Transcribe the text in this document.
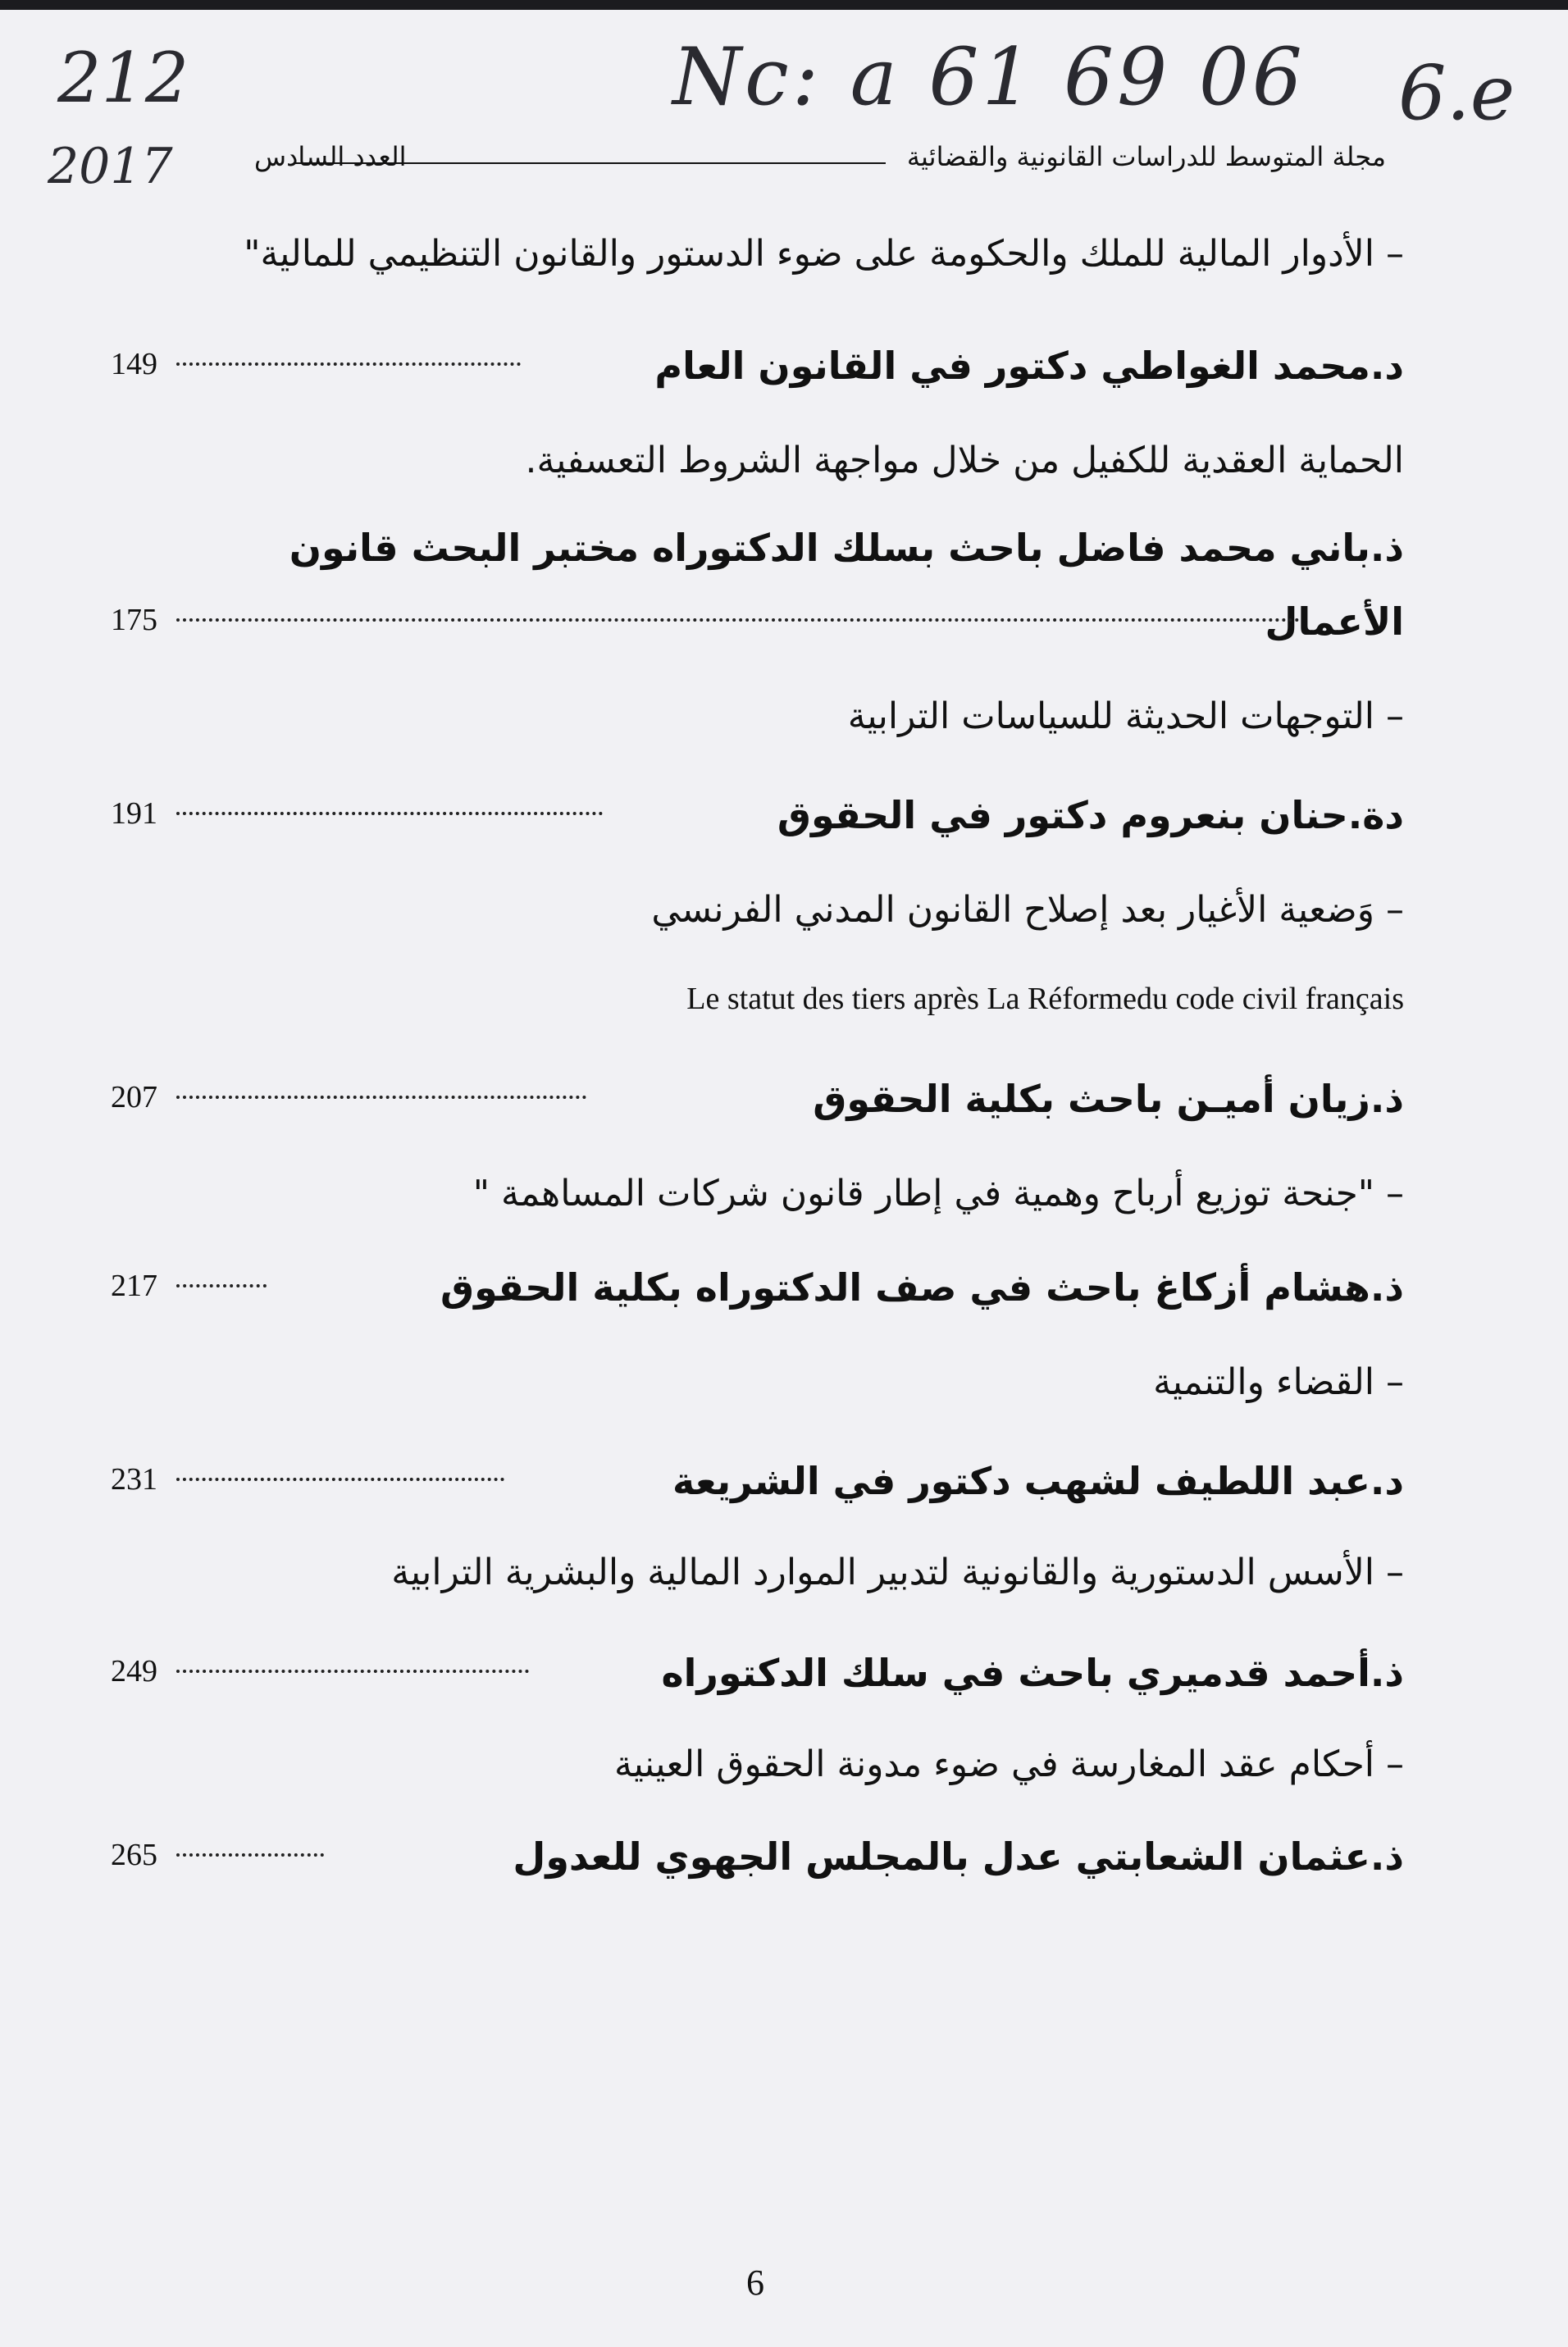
212
2017
Nc: a 61 69 06 6.e
مجلة المتوسط للدراسات القانونية والقضائية
العدد السادس
– الأدوار المالية للملك والحكومة على ضوء الدستور والقانون التنظيمي للمالية"
د.محمد الغواطي دكتور في القانون العام
149
الحماية العقدية للكفيل من خلال مواجهة الشروط التعسفية.
ذ.باني محمد فاضل باحث بسلك الدكتوراه مختبر البحث قانون
الأعمال
175
– التوجهات الحديثة للسياسات الترابية
دة.حنان بنعروم دكتور في الحقوق
191
– وَضعية الأغيار بعد إصلاح القانون المدني الفرنسي
Le statut des tiers après La Réformedu code civil français
ذ.زيان أميـن باحث بكلية الحقوق
207
– "جنحة توزيع أرباح وهمية في إطار قانون شركات المساهمة "
ذ.هشام أزكاغ باحث في صف الدكتوراه بكلية الحقوق
217
– القضاء والتنمية
د.عبد اللطيف لشهب دكتور في الشريعة
231
– الأسس الدستورية والقانونية لتدبير الموارد المالية والبشرية الترابية
ذ.أحمد قدميري باحث في سلك الدكتوراه
249
– أحكام عقد المغارسة في ضوء مدونة الحقوق العينية
ذ.عثمان الشعابتي عدل بالمجلس الجهوي للعدول
265
6
